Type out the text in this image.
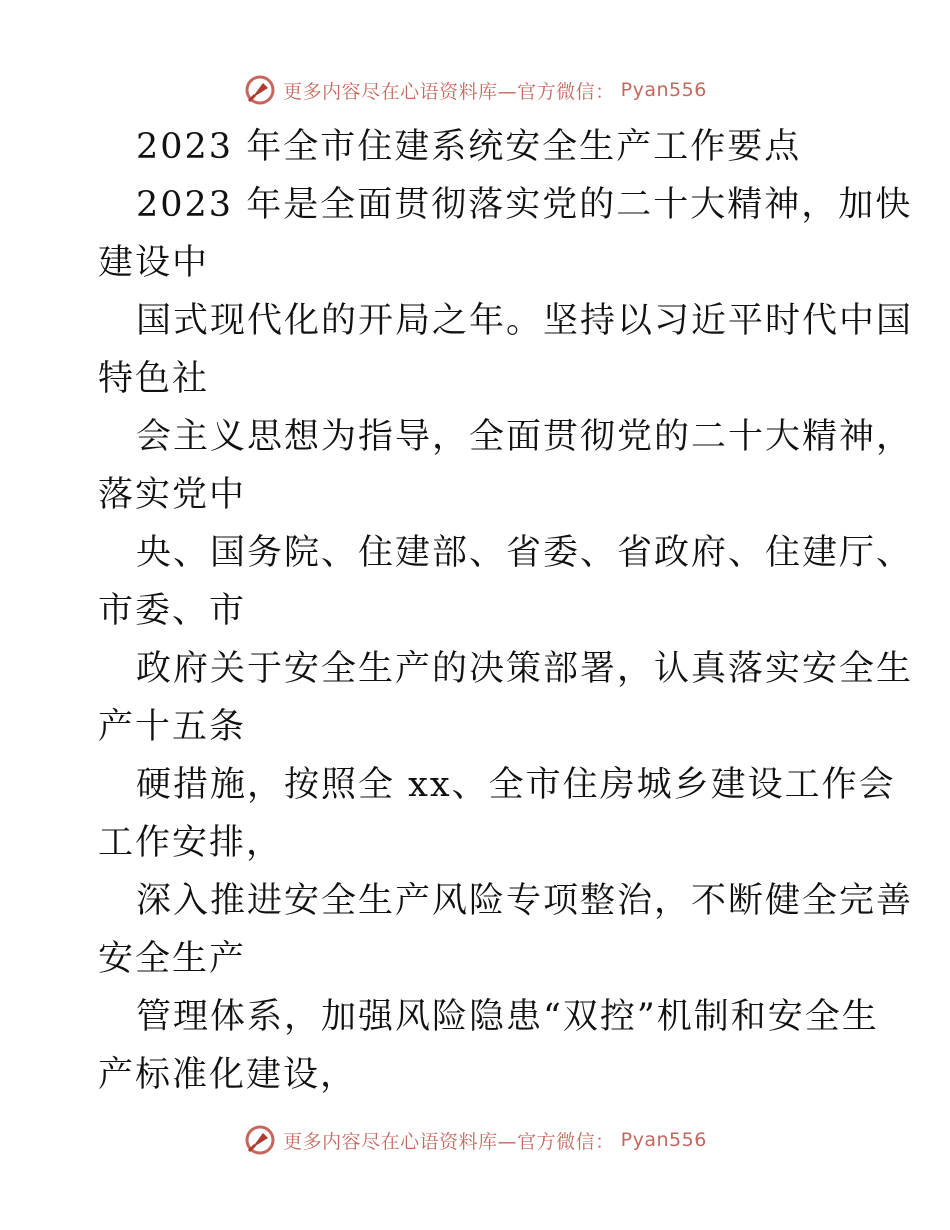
更多内容尽在心语资料库—官方微信： Pyan556
2023 年全市住建系统安全生产工作要点
2023 年是全面贯彻落实党的二十大精神，加快
建设中
国式现代化的开局之年。坚持以习近平时代中国
特色社
会主义思想为指导，全面贯彻党的二十大精神，
落实党中
央、国务院、住建部、省委、省政府、住建厅、
市委、市
政府关于安全生产的决策部署，认真落实安全生
产十五条
硬措施，按照全 xx、全市住房城乡建设工作会
工作安排，
深入推进安全生产风险专项整治，不断健全完善
安全生产
管理体系，加强风险隐患“双控”机制和安全生
产标准化建设，
更多内容尽在心语资料库—官方微信： Pyan556
